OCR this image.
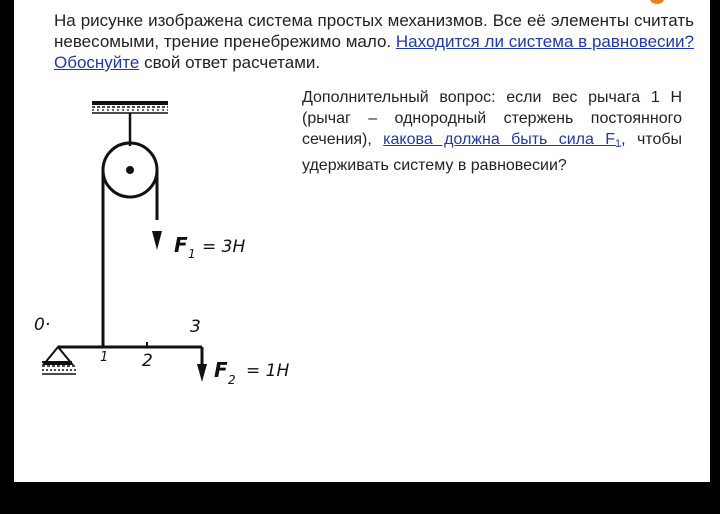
На рисунке изображена система простых механизмов. Все её элементы считать невесомыми, трение пренебрежимо мало. Находится ли система в равновесии? Обоснуйте свой ответ расчетами.

Дополнительный вопрос: если вес рычага 1 Н (рычаг – однородный стержень постоянного сечения), какова должна быть сила $F_1$, чтобы удерживать систему в равновесии?

F 1 = 3Н
0·
1 2
3
F 2 = 1Н
